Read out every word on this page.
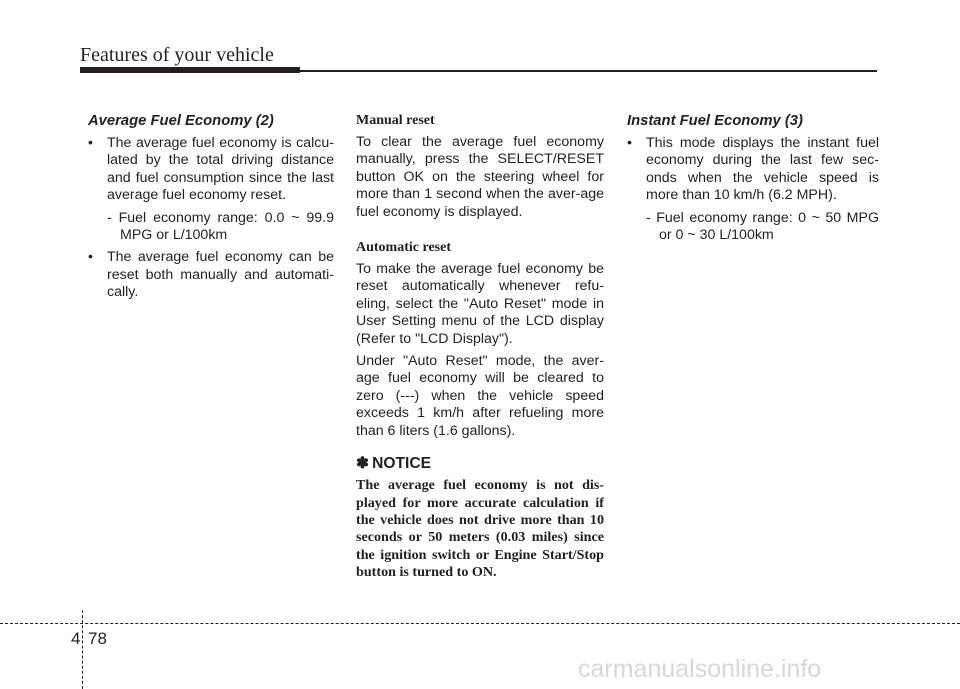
Features of your vehicle
Average Fuel Economy (2)
• The average fuel economy is calcu-lated by the total driving distance and fuel consumption since the last average fuel economy reset.
- Fuel economy range: 0.0 ~ 99.9 MPG or L/100km
• The average fuel economy can be reset both manually and automati-cally.
Manual reset
To clear the average fuel economy manually, press the SELECT/RESET button OK on the steering wheel for more than 1 second when the aver-age fuel economy is displayed.
Automatic reset
To make the average fuel economy be reset automatically whenever refu-eling, select the "Auto Reset" mode in User Setting menu of the LCD display (Refer to "LCD Display").
Under "Auto Reset" mode, the aver-age fuel economy will be cleared to zero (---) when the vehicle speed exceeds 1 km/h after refueling more than 6 liters (1.6 gallons).
✽ NOTICE
The average fuel economy is not dis-played for more accurate calculation if the vehicle does not drive more than 10 seconds or 50 meters (0.03 miles) since the ignition switch or Engine Start/Stop button is turned to ON.
Instant Fuel Economy (3)
• This mode displays the instant fuel economy during the last few sec-onds when the vehicle speed is more than 10 km/h (6.2 MPH).
- Fuel economy range: 0 ~ 50 MPG or 0 ~ 30 L/100km
4 78
carmanualsonline.info
